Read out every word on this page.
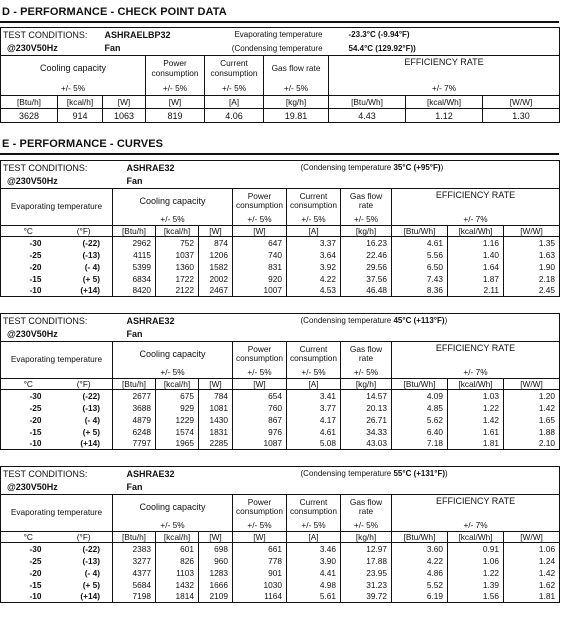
D - PERFORMANCE - CHECK POINT DATA
TEST CONDITIONS:		ASHRAELBP32		Evaporating temperature		-23.3°C (-9.94°F)		
@230V50Hz		Fan		(Condensing temperature		54.4°C (129.92°F))		
Cooling capacity			Power consumption	Current consumption	Gas flow rate	EFFICIENCY RATE		
+/- 5%			+/- 5%	+/- 5%	+/- 5%	+/- 7%		
[Btu/h]	[kcal/h]	[W]	[W]	[A]	[kg/h]	[Btu/Wh]	[kcal/Wh]	[W/W]
3628	914	1063	819	4.06	19.81	4.43	1.12	1.30
E - PERFORMANCE - CURVES
TEST CONDITIONS:		ASHRAE32				(Condensing temperature 35°C (+95°F))				
@230V50Hz		Fan								
Evaporating temperature		Cooling capacity			Power consumption	Current consumption	Gas flow rate	EFFICIENCY RATE		
		+/- 5%			+/- 5%	+/- 5%	+/- 5%	+/- 7%		
°C	(°F)	[Btu/h]	[kcal/h]	[W]	[W]	[A]	[kg/h]	[Btu/Wh]	[kcal/Wh]	[W/W]
-30	(-22)	2962	752	874	647	3.37	16.23	4.61	1.16	1.35
-25	(-13)	4115	1037	1206	740	3.64	22.46	5.56	1.40	1.63
-20	(- 4)	5399	1360	1582	831	3.92	29.56	6.50	1.64	1.90
-15	(+ 5)	6834	1722	2002	920	4.22	37.56	7.43	1.87	2.18
-10	(+14)	8420	2122	2467	1007	4.53	46.48	8.36	2.11	2.45
TEST CONDITIONS:		ASHRAE32				(Condensing temperature 45°C (+113°F))				
@230V50Hz		Fan								
Evaporating temperature		Cooling capacity			Power consumption	Current consumption	Gas flow rate	EFFICIENCY RATE		
		+/- 5%			+/- 5%	+/- 5%	+/- 5%	+/- 7%		
°C	(°F)	[Btu/h]	[kcal/h]	[W]	[W]	[A]	[kg/h]	[Btu/Wh]	[kcal/Wh]	[W/W]
-30	(-22)	2677	675	784	654	3.41	14.57	4.09	1.03	1.20
-25	(-13)	3688	929	1081	760	3.77	20.13	4.85	1.22	1.42
-20	(- 4)	4879	1229	1430	867	4.17	26.71	5.62	1.42	1.65
-15	(+ 5)	6248	1574	1831	976	4.61	34.33	6.40	1.61	1.88
-10	(+14)	7797	1965	2285	1087	5.08	43.03	7.18	1.81	2.10
TEST CONDITIONS:		ASHRAE32				(Condensing temperature 55°C (+131°F))				
@230V50Hz		Fan								
Evaporating temperature		Cooling capacity			Power consumption	Current consumption	Gas flow rate	EFFICIENCY RATE		
		+/- 5%			+/- 5%	+/- 5%	+/- 5%	+/- 7%		
°C	(°F)	[Btu/h]	[kcal/h]	[W]	[W]	[A]	[kg/h]	[Btu/Wh]	[kcal/Wh]	[W/W]
-30	(-22)	2383	601	698	661	3.46	12.97	3.60	0.91	1.06
-25	(-13)	3277	826	960	778	3.90	17.88	4.22	1.06	1.24
-20	(- 4)	4377	1103	1283	901	4.41	23.95	4.86	1.22	1.42
-15	(+ 5)	5684	1432	1666	1030	4.98	31.23	5.52	1.39	1.62
-10	(+14)	7198	1814	2109	1164	5.61	39.72	6.19	1.56	1.81
